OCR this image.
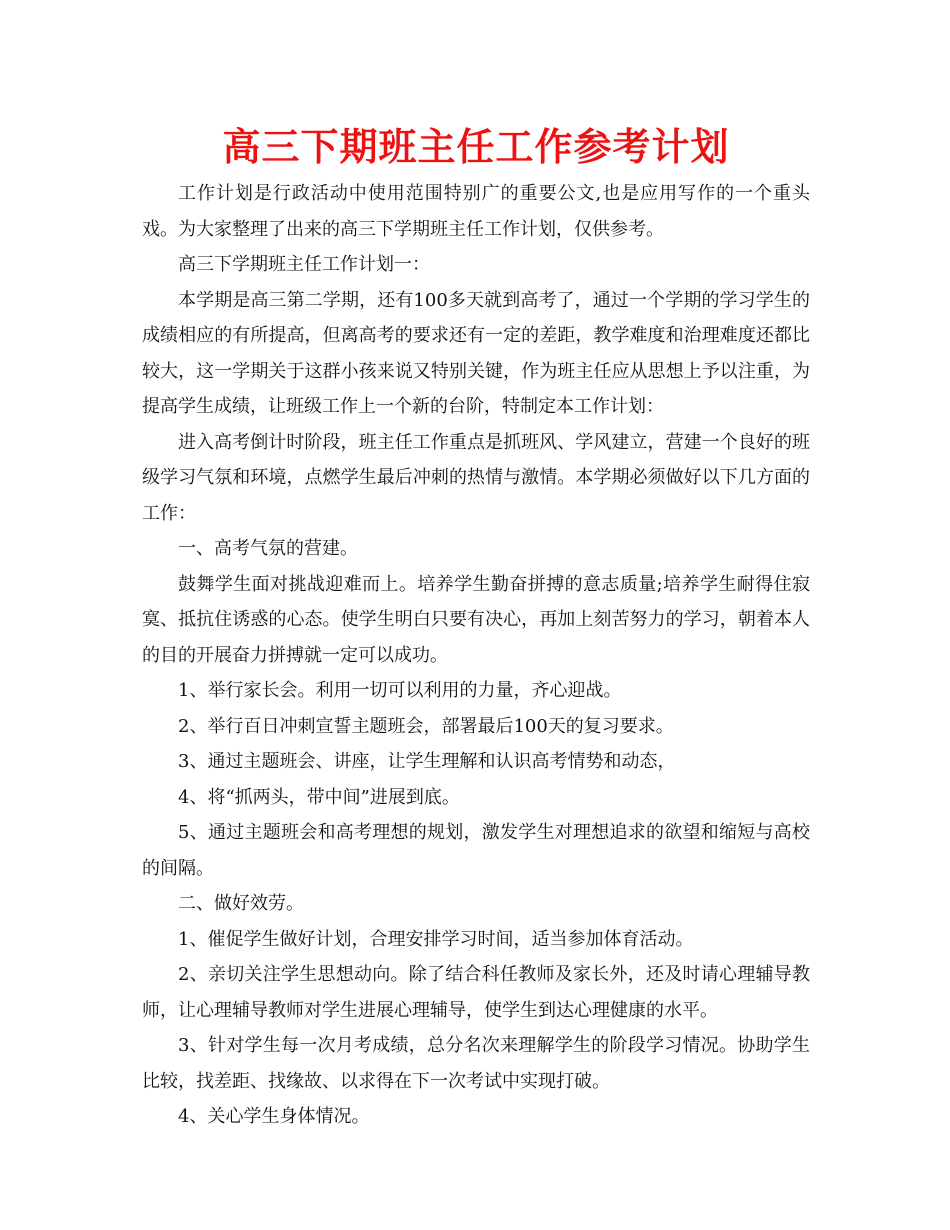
高三下期班主任工作参考计划

工作计划是行政活动中使用范围特别广的重要公文,也是应用写作的一个重头戏。为大家整理了出来的高三下学期班主任工作计划，仅供参考。

高三下学期班主任工作计划一：

本学期是高三第二学期，还有100多天就到高考了，通过一个学期的学习学生的成绩相应的有所提高，但离高考的要求还有一定的差距，教学难度和治理难度还都比较大，这一学期关于这群小孩来说又特别关键，作为班主任应从思想上予以注重，为提高学生成绩，让班级工作上一个新的台阶，特制定本工作计划：

进入高考倒计时阶段，班主任工作重点是抓班风、学风建立，营建一个良好的班级学习气氛和环境，点燃学生最后冲刺的热情与激情。本学期必须做好以下几方面的工作：

一、高考气氛的营建。

鼓舞学生面对挑战迎难而上。培养学生勤奋拼搏的意志质量;培养学生耐得住寂寞、抵抗住诱惑的心态。使学生明白只要有决心，再加上刻苦努力的学习，朝着本人的目的开展奋力拼搏就一定可以成功。

1、举行家长会。利用一切可以利用的力量，齐心迎战。

2、举行百日冲刺宣誓主题班会，部署最后100天的复习要求。

3、通过主题班会、讲座，让学生理解和认识高考情势和动态，

4、将“抓两头，带中间”进展到底。

5、通过主题班会和高考理想的规划，激发学生对理想追求的欲望和缩短与高校的间隔。

二、做好效劳。

1、催促学生做好计划，合理安排学习时间，适当参加体育活动。

2、亲切关注学生思想动向。除了结合科任教师及家长外，还及时请心理辅导教师，让心理辅导教师对学生进展心理辅导，使学生到达心理健康的水平。

3、针对学生每一次月考成绩，总分名次来理解学生的阶段学习情况。协助学生比较，找差距、找缘故、以求得在下一次考试中实现打破。

4、关心学生身体情况。
